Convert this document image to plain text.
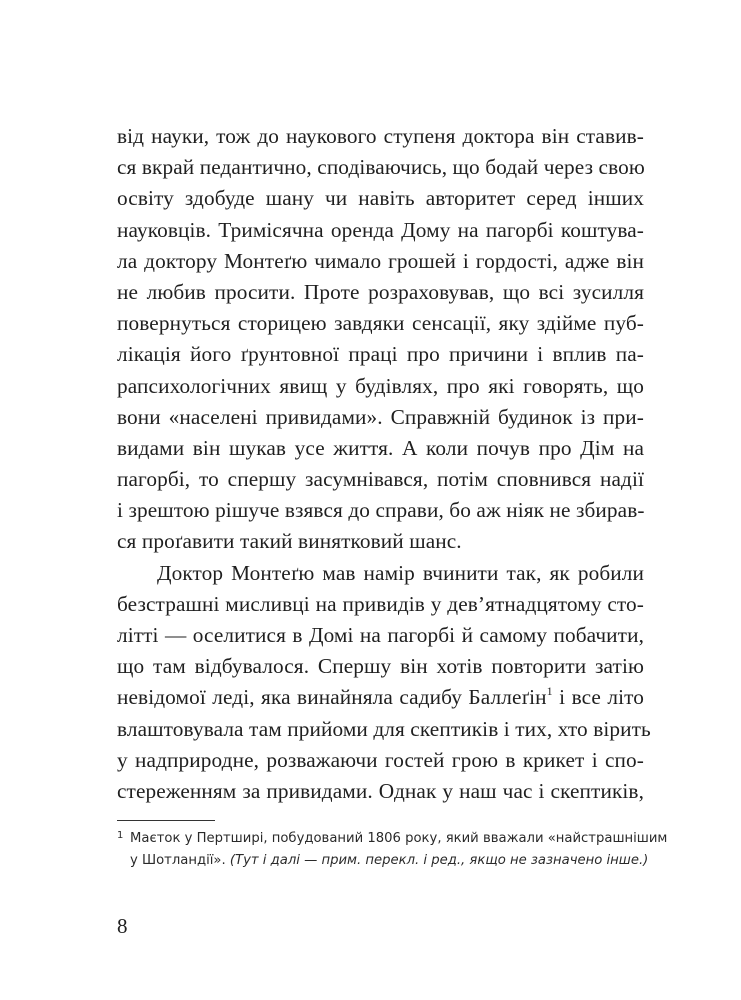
від науки, тож до наукового ступеня доктора він ставив-
ся вкрай педантично, сподіваючись, що бодай через свою
освіту здобуде шану чи навіть авторитет серед інших
науковців. Тримісячна оренда Дому на пагорбі коштува-
ла доктору Монтеґю чимало грошей і гордості, адже він
не любив просити. Проте розраховував, що всі зусилля
повернуться сторицею завдяки сенсації, яку здійме пуб-
лікація його ґрунтовної праці про причини і вплив па-
рапсихологічних явищ у будівлях, про які говорять, що
вони «населені привидами». Справжній будинок із при-
видами він шукав усе життя. А коли почув про Дім на
пагорбі, то спершу засумнівався, потім сповнився надії
і зрештою рішуче взявся до справи, бо аж ніяк не збирав-
ся проґавити такий винятковий шанс.
Доктор Монтеґю мав намір вчинити так, як робили
безстрашні мисливці на привидів у дев’ятнадцятому сто-
літті — оселитися в Домі на пагорбі й самому побачити,
що там відбувалося. Спершу він хотів повторити затію
невідомої леді, яка винайняла садибу Баллеґін$^1$ і все літо
влаштовувала там прийоми для скептиків і тих, хто вірить
у надприродне, розважаючи гостей грою в крикет і спо-
стереженням за привидами. Однак у наш час і скептиків,
1 Маєток у Пертширі, побудований 1806 року, який вважали «найстрашнішим
у Шотландії». (Тут і далі — прим. перекл. і ред., якщо не зазначено інше.)
8
